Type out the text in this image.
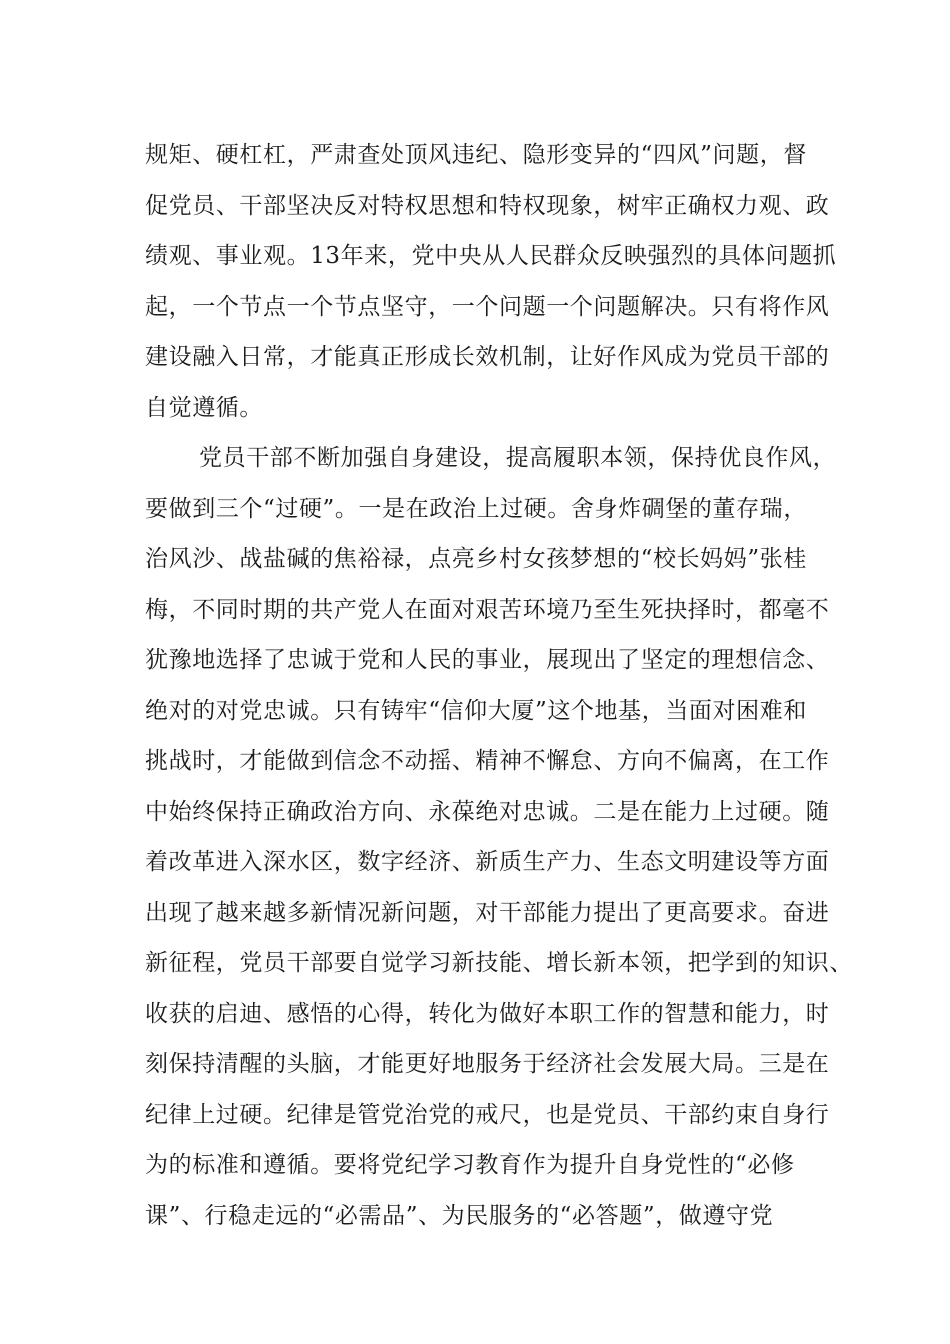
规矩、硬杠杠，严肃查处顶风违纪、隐形变异的“四风”问题，督
促党员、干部坚决反对特权思想和特权现象，树牢正确权力观、政
绩观、事业观。13年来，党中央从人民群众反映强烈的具体问题抓
起，一个节点一个节点坚守，一个问题一个问题解决。只有将作风
建设融入日常，才能真正形成长效机制，让好作风成为党员干部的
自觉遵循。
党员干部不断加强自身建设，提高履职本领，保持优良作风，
要做到三个“过硬”。一是在政治上过硬。舍身炸碉堡的董存瑞，
治风沙、战盐碱的焦裕禄，点亮乡村女孩梦想的“校长妈妈”张桂
梅，不同时期的共产党人在面对艰苦环境乃至生死抉择时，都毫不
犹豫地选择了忠诚于党和人民的事业，展现出了坚定的理想信念、
绝对的对党忠诚。只有铸牢“信仰大厦”这个地基，当面对困难和
挑战时，才能做到信念不动摇、精神不懈怠、方向不偏离，在工作
中始终保持正确政治方向、永葆绝对忠诚。二是在能力上过硬。随
着改革进入深水区，数字经济、新质生产力、生态文明建设等方面
出现了越来越多新情况新问题，对干部能力提出了更高要求。奋进
新征程，党员干部要自觉学习新技能、增长新本领，把学到的知识、
收获的启迪、感悟的心得，转化为做好本职工作的智慧和能力，时
刻保持清醒的头脑，才能更好地服务于经济社会发展大局。三是在
纪律上过硬。纪律是管党治党的戒尺，也是党员、干部约束自身行
为的标准和遵循。要将党纪学习教育作为提升自身党性的“必修
课”、行稳走远的“必需品”、为民服务的“必答题”，做遵守党
